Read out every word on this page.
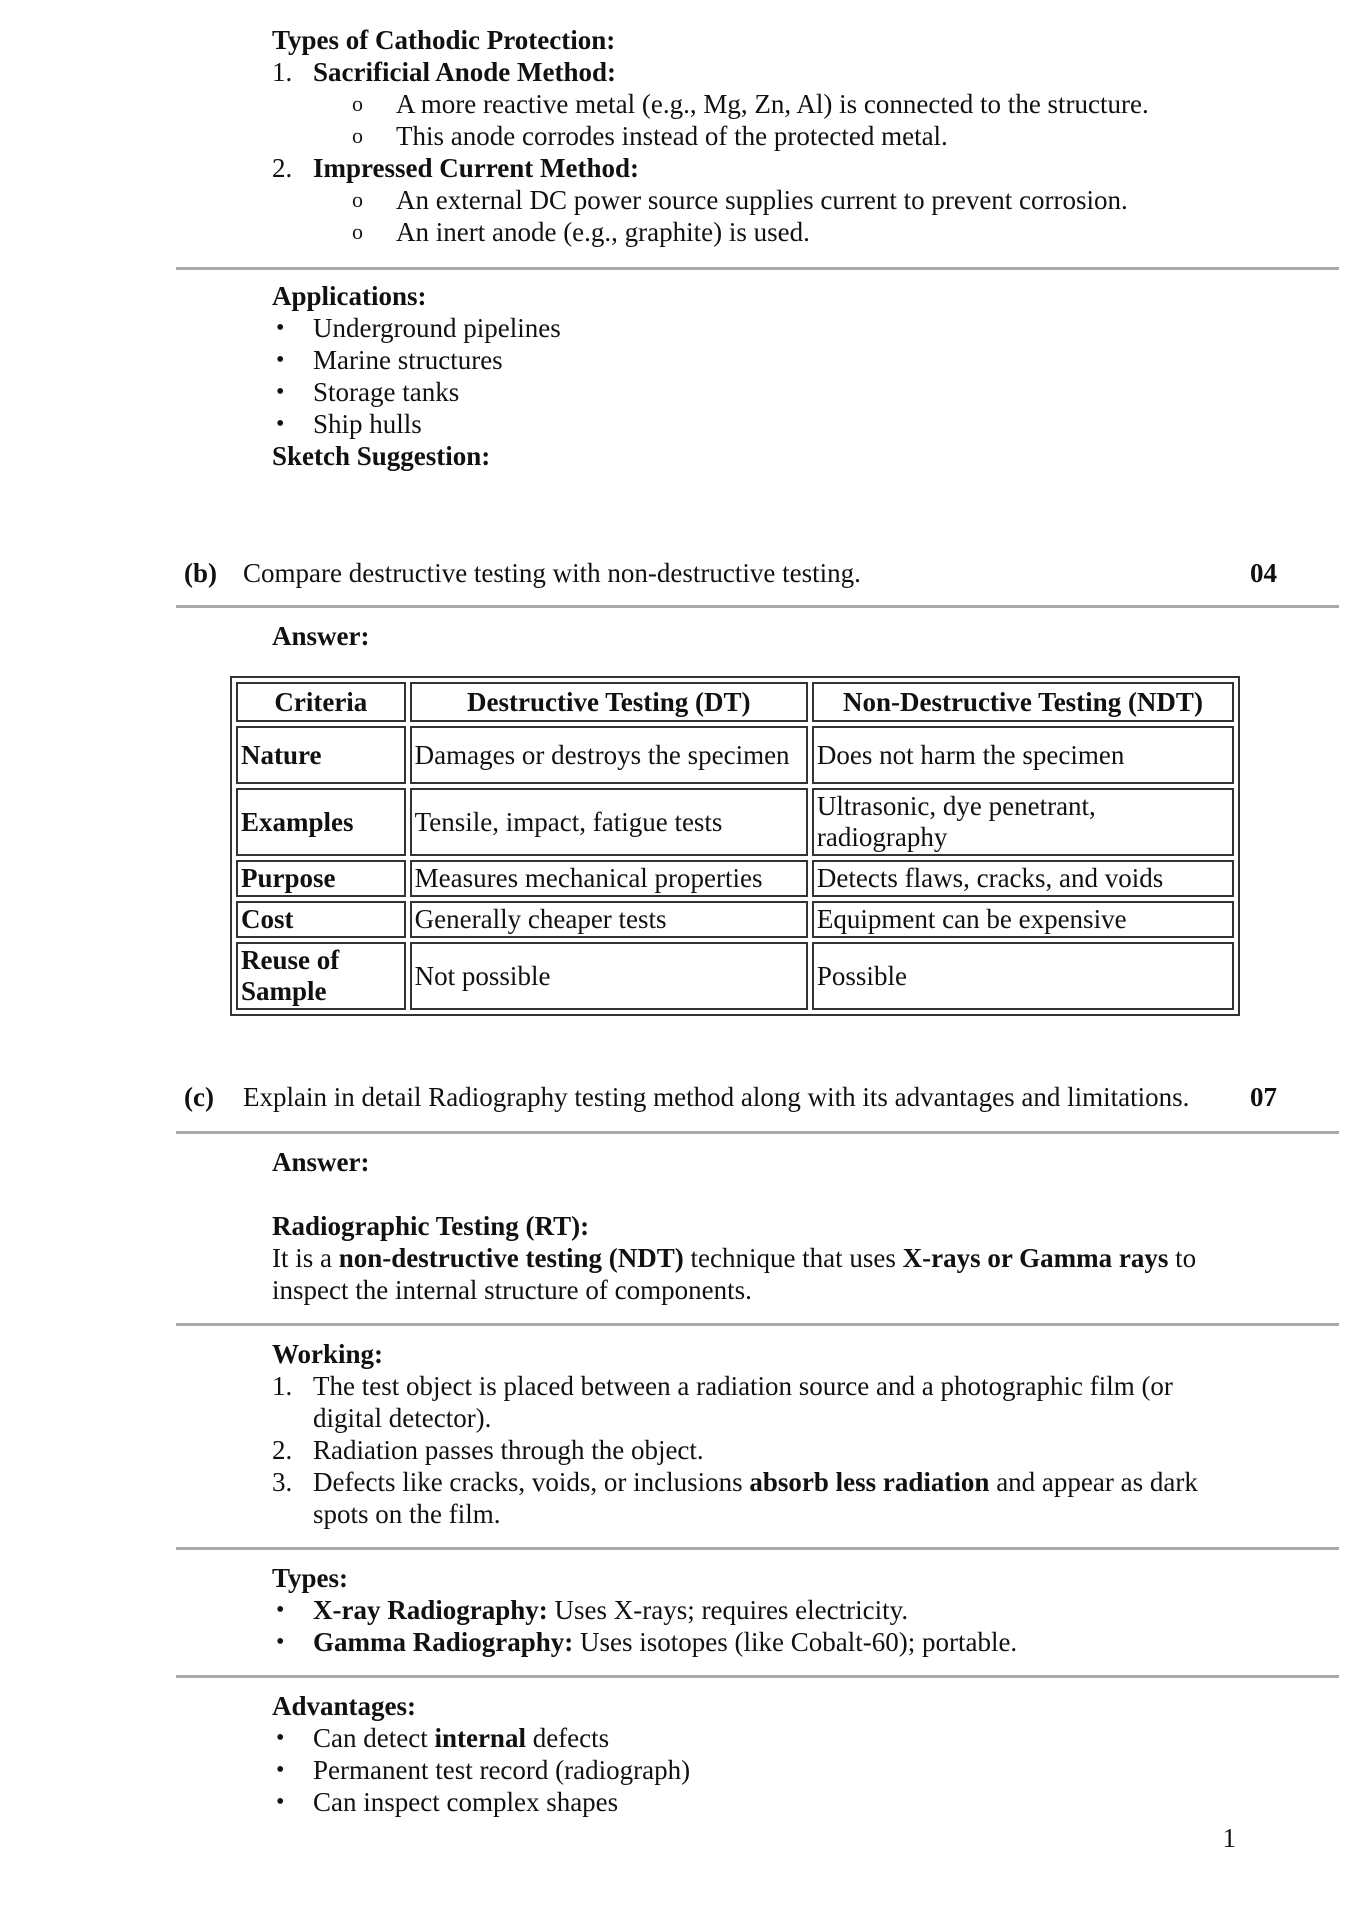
Types of Cathodic Protection:
1. Sacrificial Anode Method:
o A more reactive metal (e.g., Mg, Zn, Al) is connected to the structure.
o This anode corrodes instead of the protected metal.
2. Impressed Current Method:
o An external DC power source supplies current to prevent corrosion.
o An inert anode (e.g., graphite) is used.
Applications:
• Underground pipelines
• Marine structures
• Storage tanks
• Ship hulls
Sketch Suggestion:
(b) Compare destructive testing with non-destructive testing.	04
Answer:
Criteria	Destructive Testing (DT)	Non-Destructive Testing (NDT)
Nature	Damages or destroys the specimen	Does not harm the specimen
Examples	Tensile, impact, fatigue tests	Ultrasonic, dye penetrant, radiography
Purpose	Measures mechanical properties	Detects flaws, cracks, and voids
Cost	Generally cheaper tests	Equipment can be expensive
Reuse of Sample	Not possible	Possible
(c) Explain in detail Radiography testing method along with its advantages and limitations. 07
Answer:
Radiographic Testing (RT):
It is a non-destructive testing (NDT) technique that uses X-rays or Gamma rays to
inspect the internal structure of components.
Working:
1. The test object is placed between a radiation source and a photographic film (or
digital detector).
2. Radiation passes through the object.
3. Defects like cracks, voids, or inclusions absorb less radiation and appear as dark
spots on the film.
Types:
• X-ray Radiography: Uses X-rays; requires electricity.
• Gamma Radiography: Uses isotopes (like Cobalt-60); portable.
Advantages:
• Can detect internal defects
• Permanent test record (radiograph)
• Can inspect complex shapes
1
